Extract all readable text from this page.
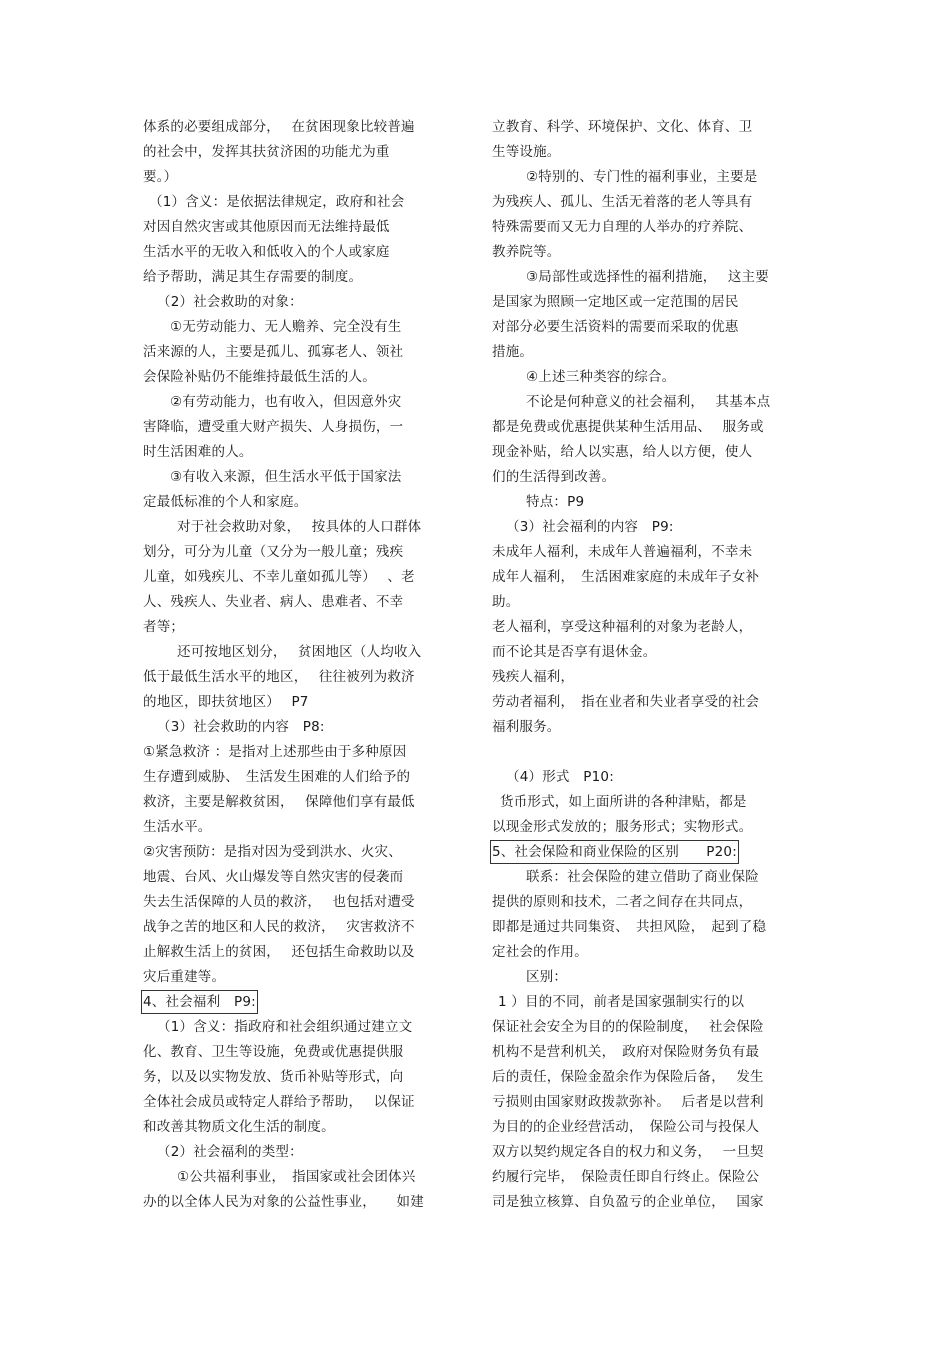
体系的必要组成部分，　 在贫困现象比较普遍
的社会中，发挥其扶贫济困的功能尤为重
要。）
（1）含义：是依据法律规定，政府和社会
对因自然灾害或其他原因而无法维持最低
生活水平的无收入和低收入的个人或家庭
给予帮助，满足其生存需要的制度。
（2）社会救助的对象：
①无劳动能力、无人赡养、完全没有生
活来源的人，主要是孤儿、孤寡老人、领社
会保险补贴仍不能维持最低生活的人。
②有劳动能力，也有收入，但因意外灾
害降临，遭受重大财产损失、人身损伤，一
时生活困难的人。
③有收入来源，但生活水平低于国家法
定最低标准的个人和家庭。
对于社会救助对象，　 按具体的人口群体
划分，可分为儿童（又分为一般儿童；残疾
儿童，如残疾儿、不幸儿童如孤儿等）　 、老
人、残疾人、失业者、病人、患难者、不幸
者等；
还可按地区划分，　 贫困地区（人均收入
低于最低生活水平的地区，　 往往被列为救济
的地区，即扶贫地区）　 P7
（3）社会救助的内容　P8:
①紧急救济 ：是指对上述那些由于多种原因
生存遭到威胁、　生活发生困难的人们给予的
救济，主要是解救贫困，　 保障他们享有最低
生活水平。
②灾害预防：是指对因为受到洪水、火灾、
地震、台风、火山爆发等自然灾害的侵袭而
失去生活保障的人员的救济，　 也包括对遭受
战争之苦的地区和人民的救济，　 灾害救济不
止解救生活上的贫困，　 还包括生命救助以及
灾后重建等。
4、社会福利　P9:
（1）含义：指政府和社会组织通过建立文
化、教育、卫生等设施，免费或优惠提供服
务，以及以实物发放、货币补贴等形式，向
全体社会成员或特定人群给予帮助，　 以保证
和改善其物质文化生活的制度。
（2）社会福利的类型：
①公共福利事业，　指国家或社会团体兴
办的以全体人民为对象的公益性事业，　　如建
立教育、科学、环境保护、文化、体育、卫
生等设施。
②特别的、专门性的福利事业，主要是
为残疾人、孤儿、生活无着落的老人等具有
特殊需要而又无力自理的人举办的疗养院、
教养院等。
③局部性或选择性的福利措施，　 这主要
是国家为照顾一定地区或一定范围的居民
对部分必要生活资料的需要而采取的优惠
措施。
④上述三种类容的综合。
不论是何种意义的社会福利，　 其基本点
都是免费或优惠提供某种生活用品、　 服务或
现金补贴，给人以实惠，给人以方便，使人
们的生活得到改善。
特点：P9
（3）社会福利的内容　P9:
未成年人福利，未成年人普遍福利，不幸未
成年人福利，　生活困难家庭的未成年子女补
助。
老人福利，享受这种福利的对象为老龄人，
而不论其是否享有退休金。
残疾人福利，
劳动者福利，　指在业者和失业者享受的社会
福利服务。
（4）形式　P10:
货币形式，如上面所讲的各种津贴，都是
以现金形式发放的；服务形式；实物形式。
5、社会保险和商业保险的区别　　P20:
联系：社会保险的建立借助了商业保险
提供的原则和技术，二者之间存在共同点，
即都是通过共同集资、　共担风险，　起到了稳
定社会的作用。
区别：
1 ）目的不同，前者是国家强制实行的以
保证社会安全为目的的保险制度，　 社会保险
机构不是营利机关，　政府对保险财务负有最
后的责任，保险金盈余作为保险后备，　 发生
亏损则由国家财政拨款弥补。　 后者是以营利
为目的的企业经营活动，　保险公司与投保人
双方以契约规定各自的权力和义务，　 一旦契
约履行完毕，　保险责任即自行终止。保险公
司是独立核算、自负盈亏的企业单位，　 国家
